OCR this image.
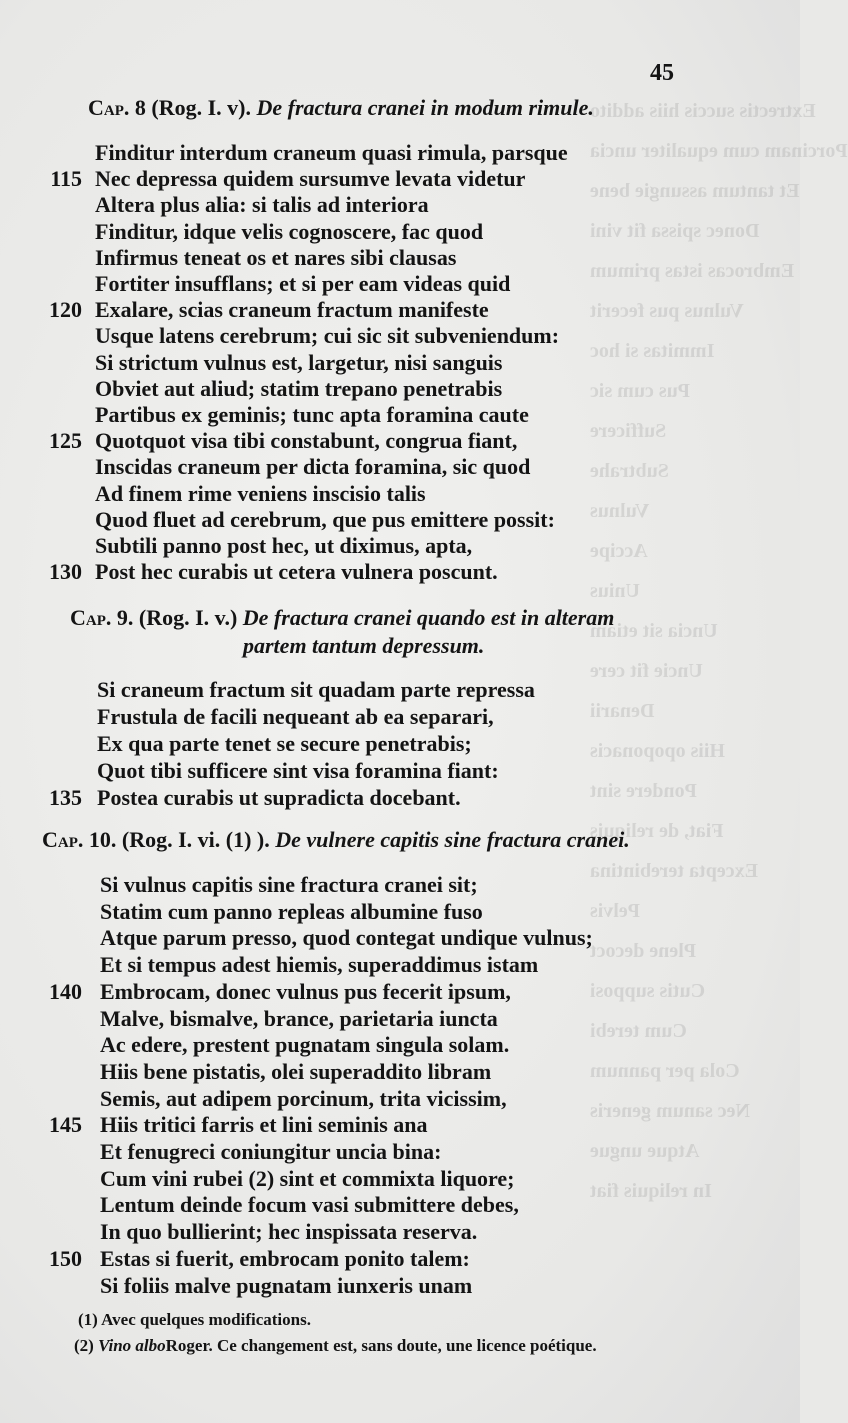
Extrectis succis hiis addito
Porcinam cum equaliter uncia
Et tantum assungie bene
Donec spissa fit vini
Embrocas istas primum
Vulnus pus fecerit
Immitas si hoc
Pus cum sic
Sufficere
Subtrahe
Vulnus
Accipe
Unius
Uncia sit etiam
Uncie fit cere
Denarii
Hiis opoponacis
Pondere sint
Fiat, de reliquis
Excepta terebintina
Pelvis
Plene decoct
Cutis supposi
Cum terebi
Cola per pannum
Nec sanum generis
Atque ungue
In reliquis fiat
45
Cap. 8 (Rog. I. v). De fractura cranei in modum rimule.
Finditur interdum craneum quasi rimula, parsque
115 Nec depressa quidem sursumve levata videtur
Altera plus alia: si talis ad interiora
Finditur, idque velis cognoscere, fac quod
Infirmus teneat os et nares sibi clausas
Fortiter insufflans; et si per eam videas quid
120 Exalare, scias craneum fractum manifeste
Usque latens cerebrum; cui sic sit subveniendum:
Si strictum vulnus est, largetur, nisi sanguis
Obviet aut aliud; statim trepano penetrabis
Partibus ex geminis; tunc apta foramina caute
125 Quotquot visa tibi constabunt, congrua fiant,
Inscidas craneum per dicta foramina, sic quod
Ad finem rime veniens inscisio talis
Quod fluet ad cerebrum, que pus emittere possit:
Subtili panno post hec, ut diximus, apta,
130 Post hec curabis ut cetera vulnera poscunt.
Cap. 9. (Rog. I. v.) De fractura cranei quando est in alteram
partem tantum depressum.
Si craneum fractum sit quadam parte repressa
Frustula de facili nequeant ab ea separari,
Ex qua parte tenet se secure penetrabis;
Quot tibi sufficere sint visa foramina fiant:
135 Postea curabis ut supradicta docebant.
Cap. 10. (Rog. I. vi. (1) ). De vulnere capitis sine fractura cranei.
Si vulnus capitis sine fractura cranei sit;
Statim cum panno repleas albumine fuso
Atque parum presso, quod contegat undique vulnus;
Et si tempus adest hiemis, superaddimus istam
140 Embrocam, donec vulnus pus fecerit ipsum,
Malve, bismalve, brance, parietaria iuncta
Ac edere, prestent pugnatam singula solam.
Hiis bene pistatis, olei superaddito libram
Semis, aut adipem porcinum, trita vicissim,
145 Hiis tritici farris et lini seminis ana
Et fenugreci coniungitur uncia bina:
Cum vini rubei (2) sint et commixta liquore;
Lentum deinde focum vasi submittere debes,
In quo bullierint; hec inspissata reserva.
150 Estas si fuerit, embrocam ponito talem:
Si foliis malve pugnatam iunxeris unam
(1) Avec quelques modifications.
(2) Vino alboRoger. Ce changement est, sans doute, une licence poétique.
